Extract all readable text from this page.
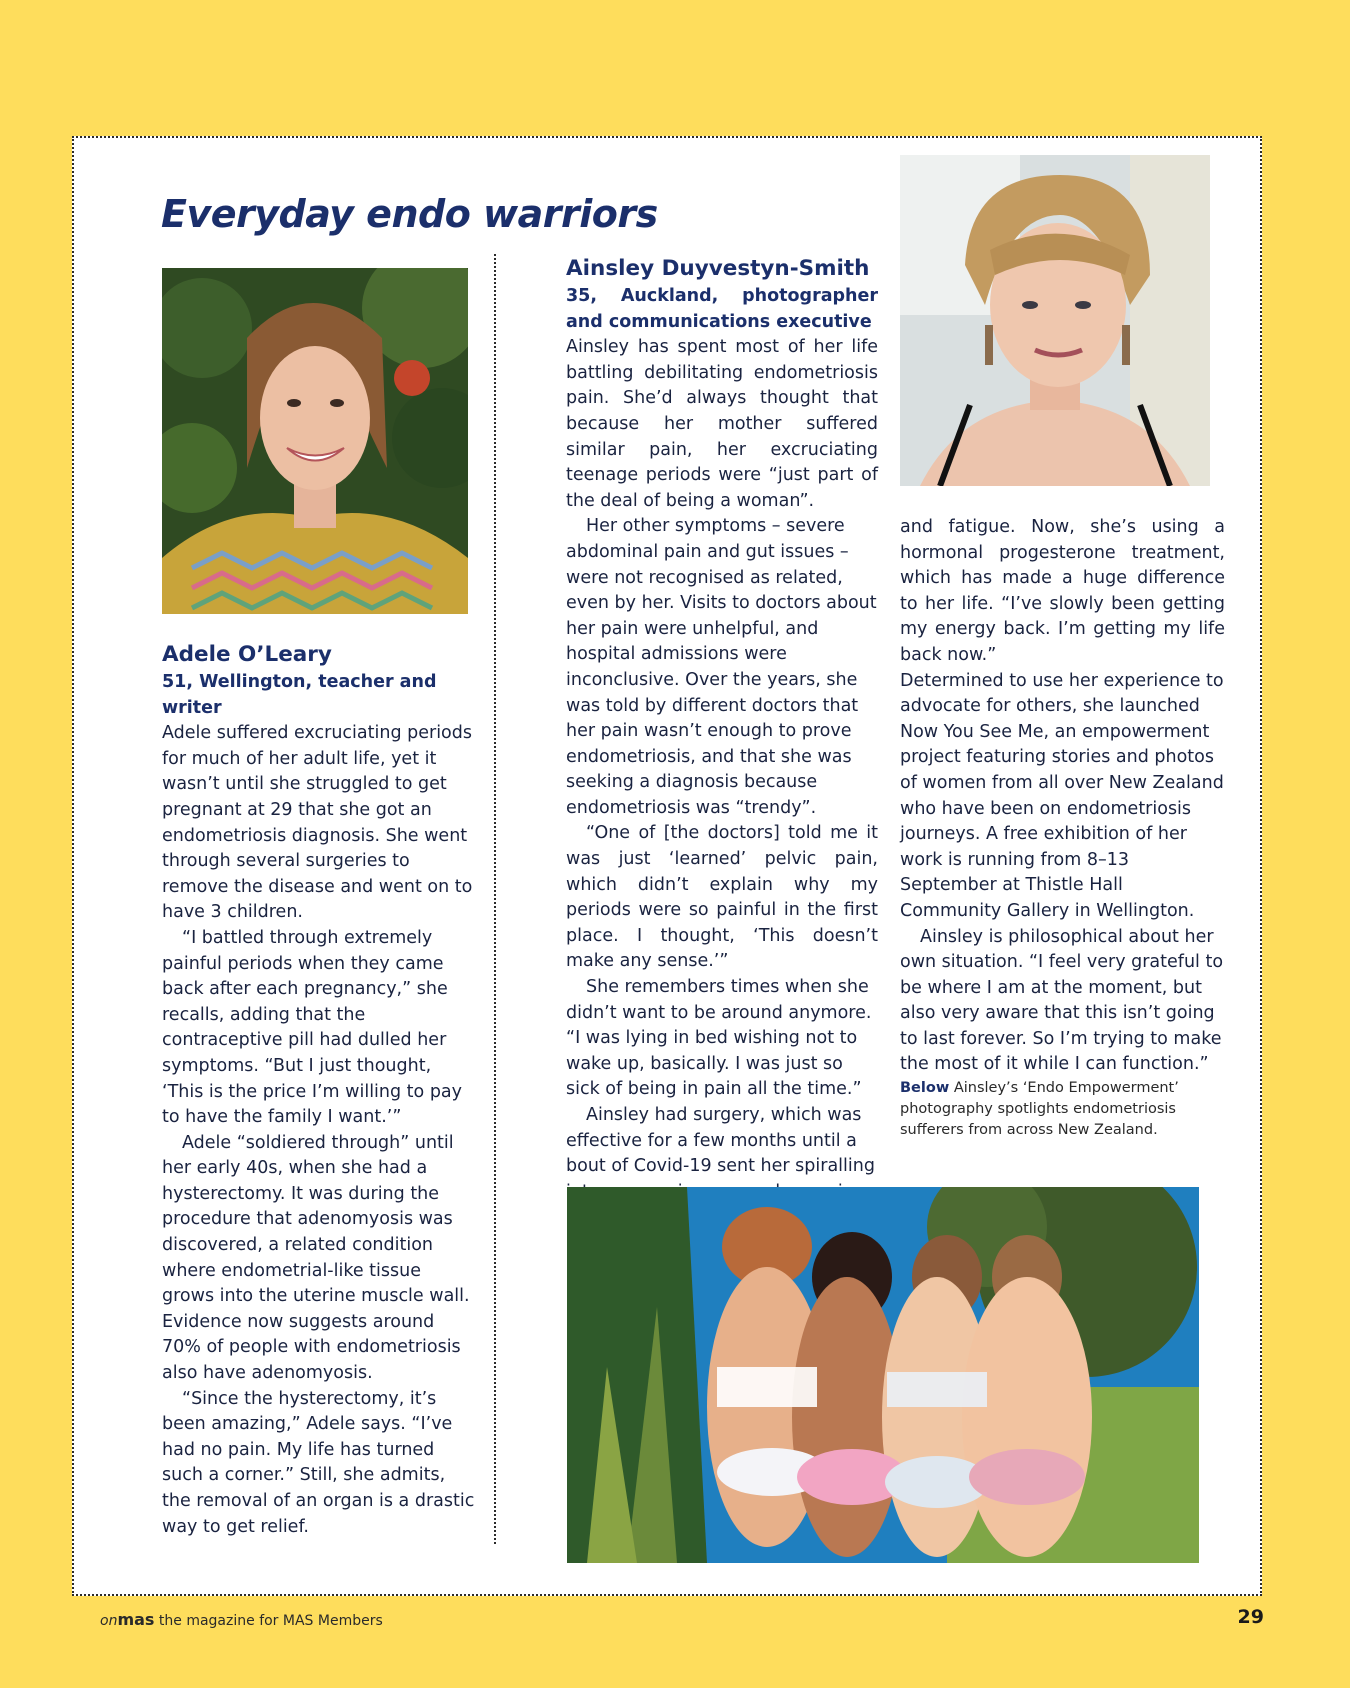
Everyday endo warriors
Adele O’Leary

51, Wellington, teacher and writer

Adele suffered excruciating periods for much of her adult life, yet it wasn’t until she struggled to get pregnant at 29 that she got an endometriosis diagnosis. She went through several surgeries to remove the disease and went on to have 3 children.

“I battled through extremely painful periods when they came back after each pregnancy,” she recalls, adding that the contraceptive pill had dulled her symptoms. “But I just thought, ‘This is the price I’m willing to pay to have the family I want.’”

Adele “soldiered through” until her early 40s, when she had a hysterectomy. It was during the procedure that adenomyosis was discovered, a related condition where endometrial-like tissue grows into the uterine muscle wall. Evidence now suggests around 70% of people with endometriosis also have adenomyosis.

“Since the hysterectomy, it’s been amazing,” Adele says. “I’ve had no pain. My life has turned such a corner.” Still, she admits, the removal of an organ is a drastic way to get relief.

Ainsley Duyvestyn-Smith

35, Auckland, photographer and communications executive

Ainsley has spent most of her life battling debilitating endometriosis pain. She’d always thought that because her mother suffered similar pain, her excruciating teenage periods were “just part of the deal of being a woman”.

Her other symptoms – severe abdominal pain and gut issues – were not recognised as related, even by her. Visits to doctors about her pain were unhelpful, and hospital admissions were inconclusive. Over the years, she was told by different doctors that her pain wasn’t enough to prove endometriosis, and that she was seeking a diagnosis because endometriosis was “trendy”.

“One of [the doctors] told me it was just ‘learned’ pelvic pain, which didn’t explain why my periods were so painful in the first place. I thought, ‘This doesn’t make any sense.’”

She remembers times when she didn’t want to be around anymore. “I was lying in bed wishing not to wake up, basically. I was just so sick of being in pain all the time.”

Ainsley had surgery, which was effective for a few months until a bout of Covid-19 sent her spiralling

and fatigue. Now, she’s using a hormonal progesterone treatment, which has made a huge difference to her life. “I’ve slowly been getting my energy back. I’m getting my life back now.”

Determined to use her experience to advocate for others, she launched Now You See Me, an empowerment project featuring stories and photos of women from all over New Zealand who have been on endometriosis journeys. A free exhibition of her work is running from 8–13 September at Thistle Hall Community Gallery in Wellington.

Ainsley is philosophical about her own situation. “I feel very grateful to be where I am at the moment, but also very aware that this isn’t going to last forever. So I’m trying to make the most of it while I can function.”

Below Ainsley’s ‘Endo Empowerment’ photography spotlights endometriosis sufferers from across New Zealand.

onmas the magazine for MAS Members	29
